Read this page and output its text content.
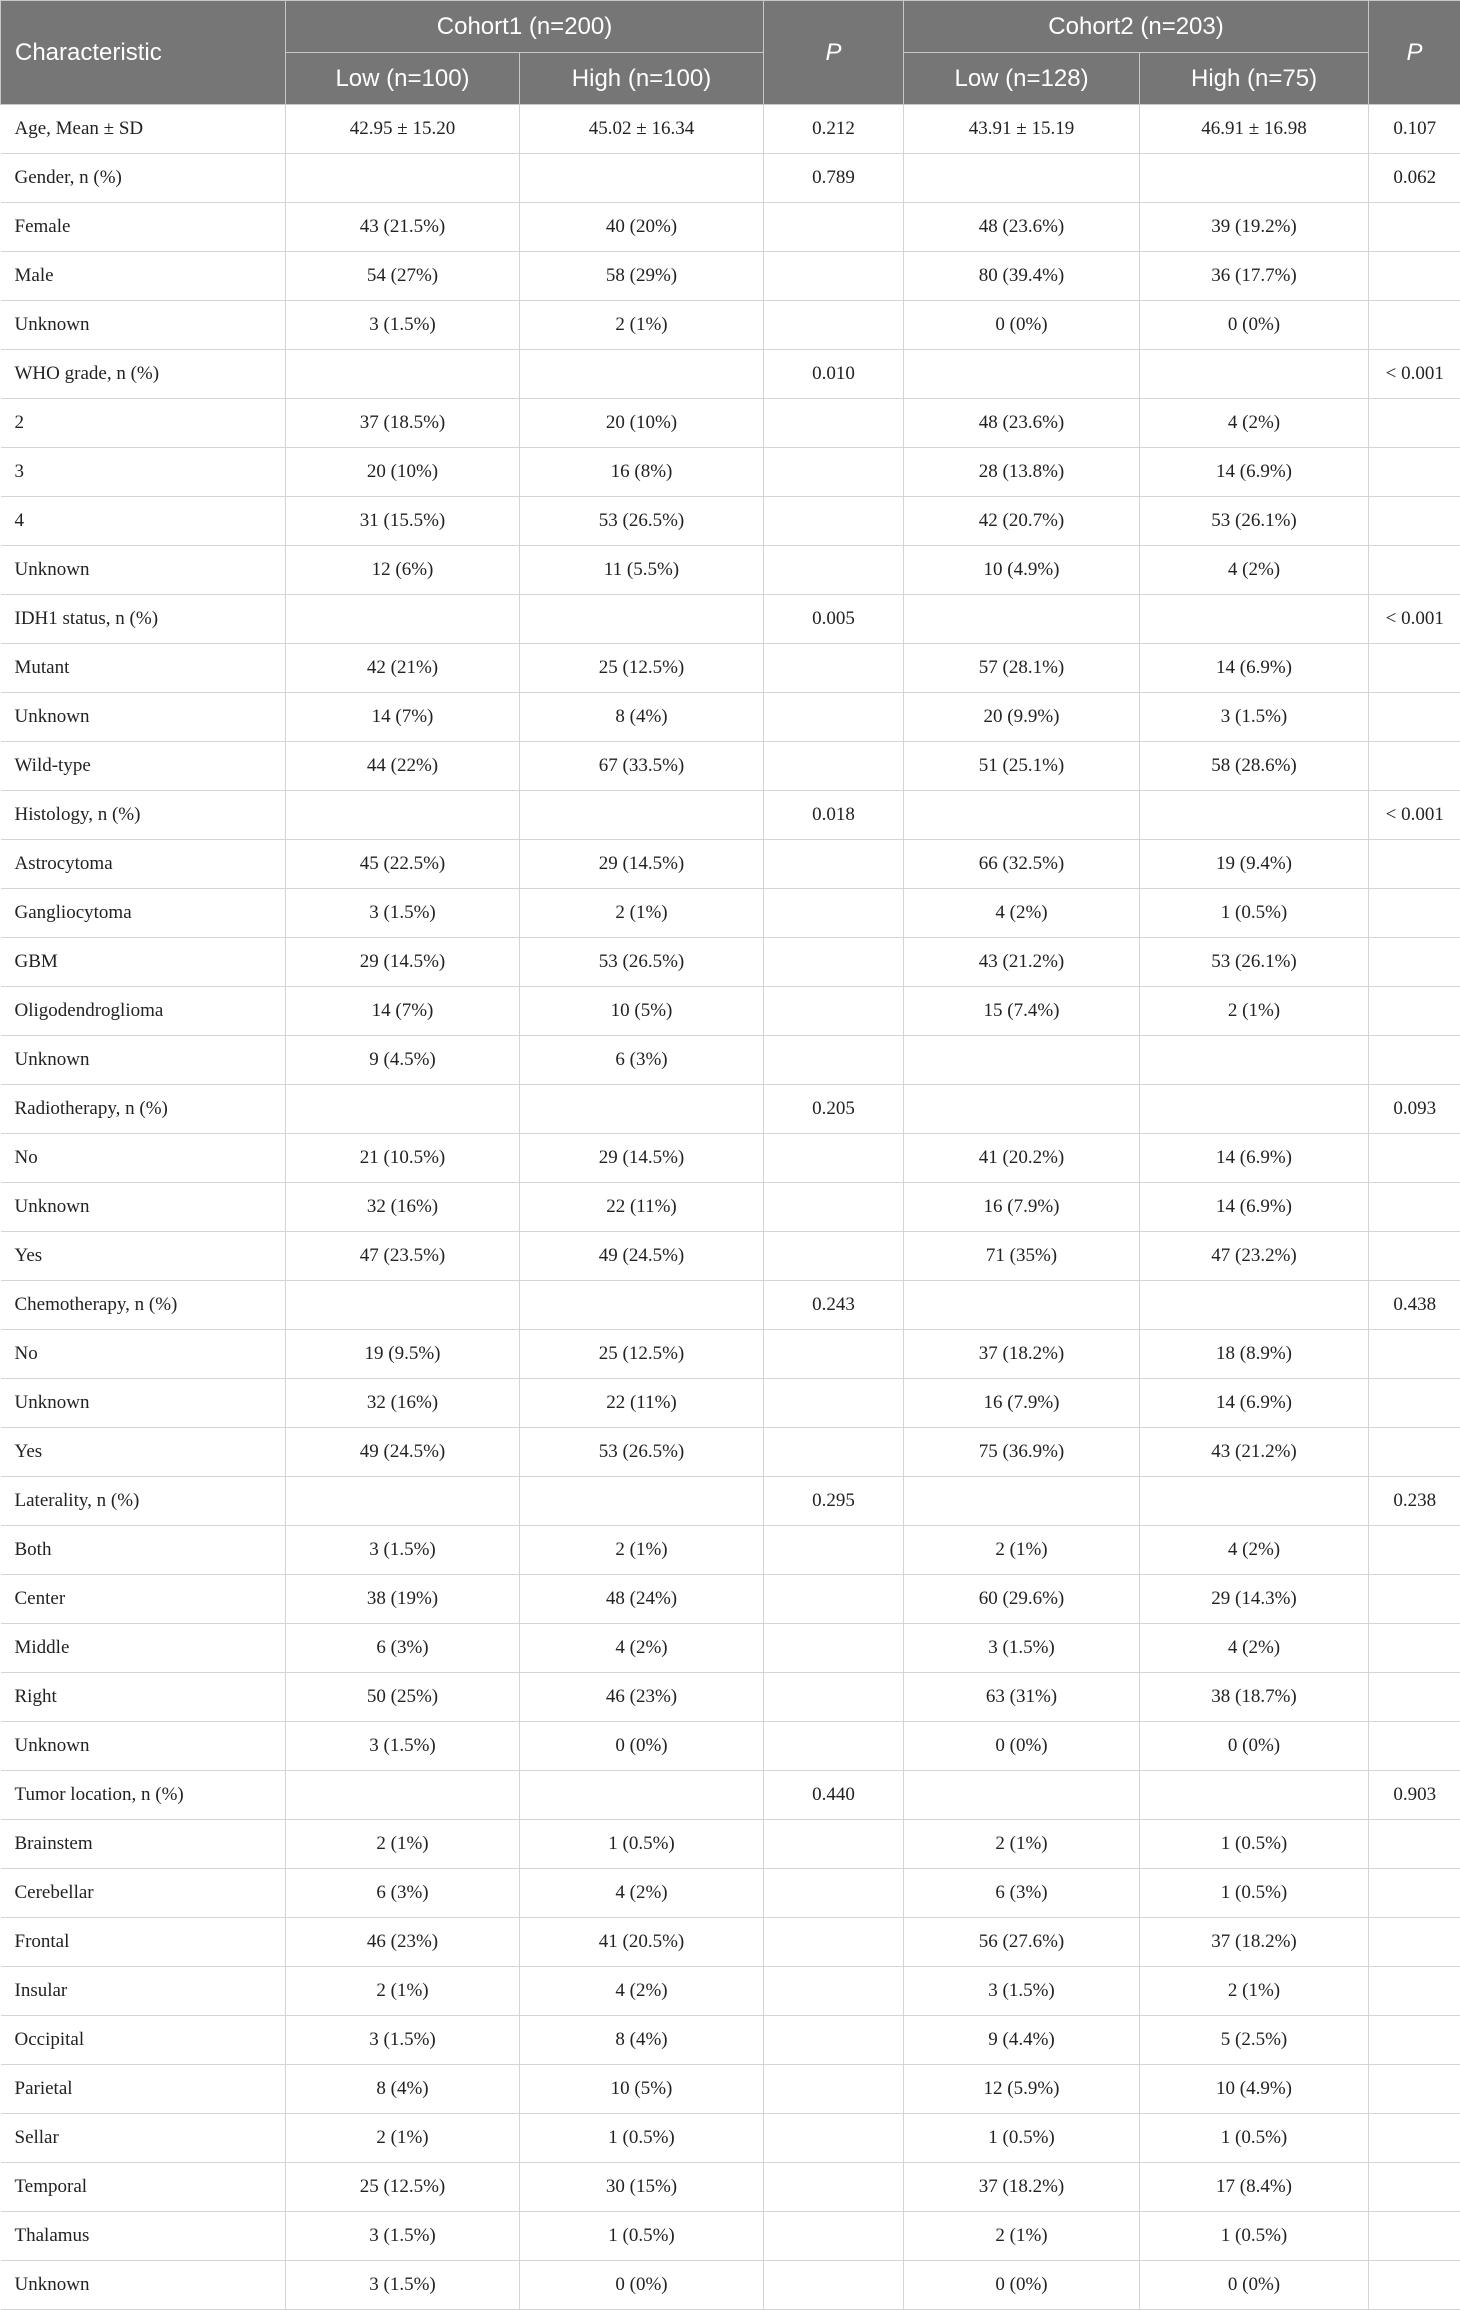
Characteristic	Cohort1 (n=200)		P	Cohort2 (n=203)		P
	Low (n=100)	High (n=100)		Low (n=128)	High (n=75)	
Age, Mean ± SD	42.95 ± 15.20	45.02 ± 16.34	0.212	43.91 ± 15.19	46.91 ± 16.98	0.107
Gender, n (%)			0.789			0.062
Female	43 (21.5%)	40 (20%)		48 (23.6%)	39 (19.2%)	
Male	54 (27%)	58 (29%)		80 (39.4%)	36 (17.7%)	
Unknown	3 (1.5%)	2 (1%)		0 (0%)	0 (0%)	
WHO grade, n (%)			0.010			< 0.001
2	37 (18.5%)	20 (10%)		48 (23.6%)	4 (2%)	
3	20 (10%)	16 (8%)		28 (13.8%)	14 (6.9%)	
4	31 (15.5%)	53 (26.5%)		42 (20.7%)	53 (26.1%)	
Unknown	12 (6%)	11 (5.5%)		10 (4.9%)	4 (2%)	
IDH1 status, n (%)			0.005			< 0.001
Mutant	42 (21%)	25 (12.5%)		57 (28.1%)	14 (6.9%)	
Unknown	14 (7%)	8 (4%)		20 (9.9%)	3 (1.5%)	
Wild-type	44 (22%)	67 (33.5%)		51 (25.1%)	58 (28.6%)	
Histology, n (%)			0.018			< 0.001
Astrocytoma	45 (22.5%)	29 (14.5%)		66 (32.5%)	19 (9.4%)	
Gangliocytoma	3 (1.5%)	2 (1%)		4 (2%)	1 (0.5%)	
GBM	29 (14.5%)	53 (26.5%)		43 (21.2%)	53 (26.1%)	
Oligodendroglioma	14 (7%)	10 (5%)		15 (7.4%)	2 (1%)	
Unknown	9 (4.5%)	6 (3%)				
Radiotherapy, n (%)			0.205			0.093
No	21 (10.5%)	29 (14.5%)		41 (20.2%)	14 (6.9%)	
Unknown	32 (16%)	22 (11%)		16 (7.9%)	14 (6.9%)	
Yes	47 (23.5%)	49 (24.5%)		71 (35%)	47 (23.2%)	
Chemotherapy, n (%)			0.243			0.438
No	19 (9.5%)	25 (12.5%)		37 (18.2%)	18 (8.9%)	
Unknown	32 (16%)	22 (11%)		16 (7.9%)	14 (6.9%)	
Yes	49 (24.5%)	53 (26.5%)		75 (36.9%)	43 (21.2%)	
Laterality, n (%)			0.295			0.238
Both	3 (1.5%)	2 (1%)		2 (1%)	4 (2%)	
Center	38 (19%)	48 (24%)		60 (29.6%)	29 (14.3%)	
Middle	6 (3%)	4 (2%)		3 (1.5%)	4 (2%)	
Right	50 (25%)	46 (23%)		63 (31%)	38 (18.7%)	
Unknown	3 (1.5%)	0 (0%)		0 (0%)	0 (0%)	
Tumor location, n (%)			0.440			0.903
Brainstem	2 (1%)	1 (0.5%)		2 (1%)	1 (0.5%)	
Cerebellar	6 (3%)	4 (2%)		6 (3%)	1 (0.5%)	
Frontal	46 (23%)	41 (20.5%)		56 (27.6%)	37 (18.2%)	
Insular	2 (1%)	4 (2%)		3 (1.5%)	2 (1%)	
Occipital	3 (1.5%)	8 (4%)		9 (4.4%)	5 (2.5%)	
Parietal	8 (4%)	10 (5%)		12 (5.9%)	10 (4.9%)	
Sellar	2 (1%)	1 (0.5%)		1 (0.5%)	1 (0.5%)	
Temporal	25 (12.5%)	30 (15%)		37 (18.2%)	17 (8.4%)	
Thalamus	3 (1.5%)	1 (0.5%)		2 (1%)	1 (0.5%)	
Unknown	3 (1.5%)	0 (0%)		0 (0%)	0 (0%)	
